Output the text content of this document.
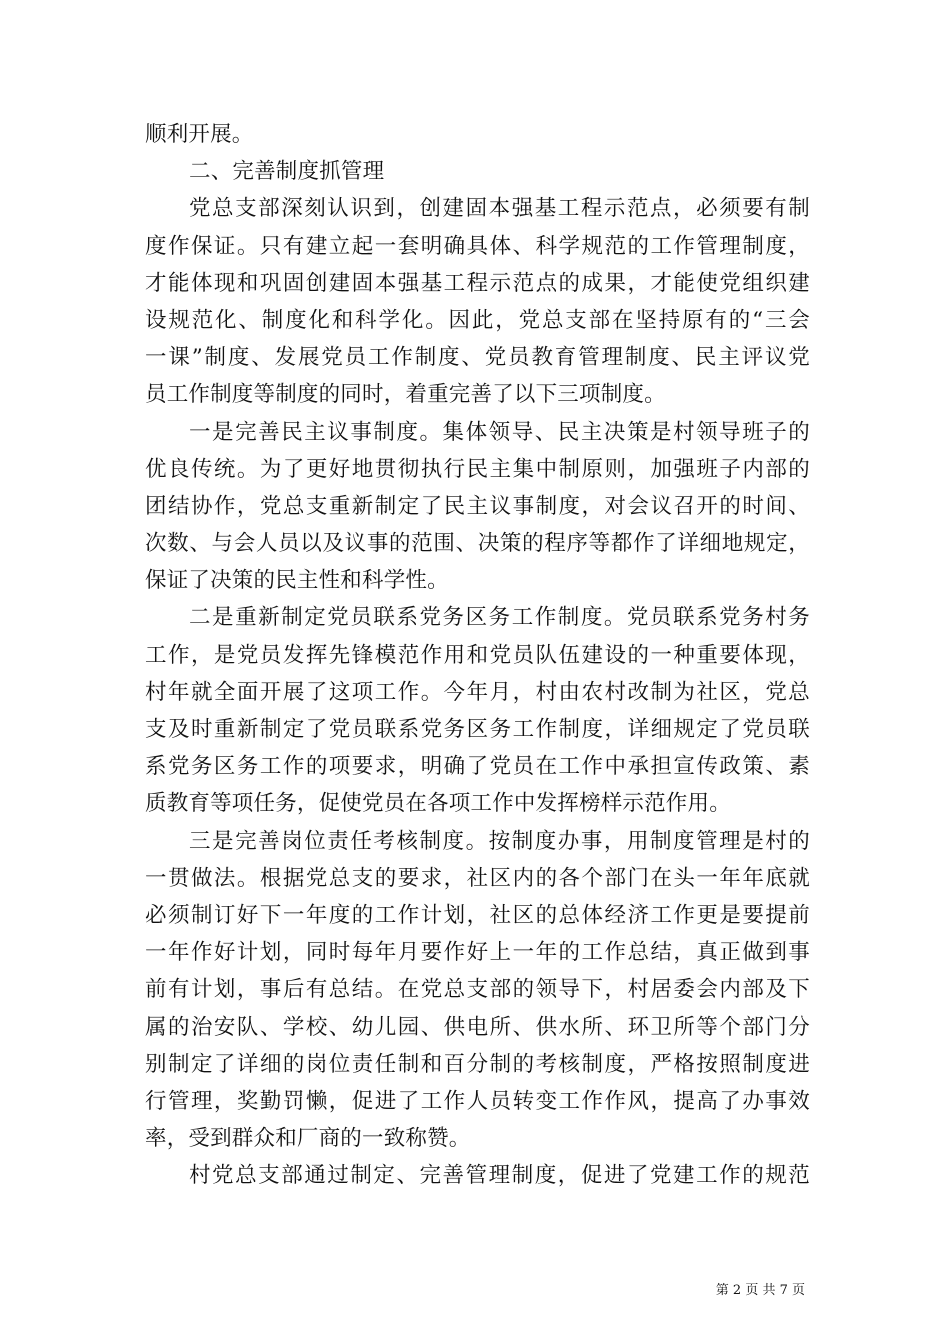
顺利开展。
二、完善制度抓管理
党总支部深刻认识到，创建固本强基工程示范点，必须要有制
度作保证。只有建立起一套明确具体、科学规范的工作管理制度，
才能体现和巩固创建固本强基工程示范点的成果，才能使党组织建
设规范化、制度化和科学化。因此，党总支部在坚持原有的“三会
一课”制度、发展党员工作制度、党员教育管理制度、民主评议党
员工作制度等制度的同时，着重完善了以下三项制度。
一是完善民主议事制度。集体领导、民主决策是村领导班子的
优良传统。为了更好地贯彻执行民主集中制原则，加强班子内部的
团结协作，党总支重新制定了民主议事制度，对会议召开的时间、
次数、与会人员以及议事的范围、决策的程序等都作了详细地规定，
保证了决策的民主性和科学性。
二是重新制定党员联系党务区务工作制度。党员联系党务村务
工作，是党员发挥先锋模范作用和党员队伍建设的一种重要体现，
村年就全面开展了这项工作。今年月，村由农村改制为社区，党总
支及时重新制定了党员联系党务区务工作制度，详细规定了党员联
系党务区务工作的项要求，明确了党员在工作中承担宣传政策、素
质教育等项任务，促使党员在各项工作中发挥榜样示范作用。
三是完善岗位责任考核制度。按制度办事，用制度管理是村的
一贯做法。根据党总支的要求，社区内的各个部门在头一年年底就
必须制订好下一年度的工作计划，社区的总体经济工作更是要提前
一年作好计划，同时每年月要作好上一年的工作总结，真正做到事
前有计划，事后有总结。在党总支部的领导下，村居委会内部及下
属的治安队、学校、幼儿园、供电所、供水所、环卫所等个部门分
别制定了详细的岗位责任制和百分制的考核制度，严格按照制度进
行管理，奖勤罚懒，促进了工作人员转变工作作风，提高了办事效
率，受到群众和厂商的一致称赞。
村党总支部通过制定、完善管理制度，促进了党建工作的规范
第 2 页 共 7 页
